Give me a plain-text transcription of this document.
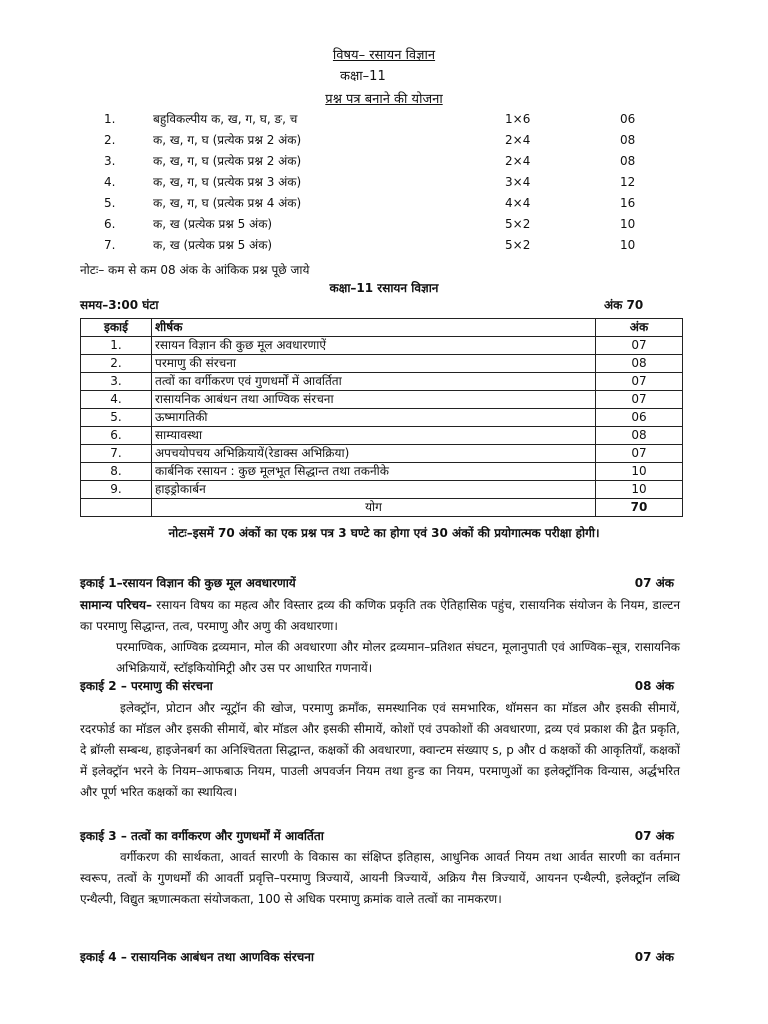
विषय– रसायन विज्ञान
कक्षा–11
प्रश्न पत्र बनाने की योजना
1.	बहुविकल्पीय क, ख, ग, घ, ङ, च	1×6	06
2.	क, ख, ग, घ (प्रत्येक प्रश्न 2 अंक)	2×4	08
3.	क, ख, ग, घ (प्रत्येक प्रश्न 2 अंक)	2×4	08
4.	क, ख, ग, घ (प्रत्येक प्रश्न 3 अंक)	3×4	12
5.	क, ख, ग, घ (प्रत्येक प्रश्न 4 अंक)	4×4	16
6.	क, ख (प्रत्येक प्रश्न 5 अंक)	5×2	10
7.	क, ख (प्रत्येक प्रश्न 5 अंक)	5×2	10
नोटः– कम से कम 08 अंक के आंकिक प्रश्न पूछे जाये
कक्षा–11 रसायन विज्ञान
समय–3:00 घंटा	अंक 70
इकाई	शीर्षक	अंक
1.	रसायन विज्ञान की कुछ मूल अवधारणाऐं	07
2.	परमाणु की संरचना	08
3.	तत्वों का वर्गीकरण एवं गुणधर्मों में आवर्तिता	07
4.	रासायनिक आबंधन तथा आण्विक संरचना	07
5.	ऊष्मागतिकी	06
6.	साम्यावस्था	08
7.	अपचयोपचय अभिक्रियायें(रेडाक्स अभिक्रिया)	07
8.	कार्बनिक रसायन : कुछ मूलभूत सिद्धान्त तथा तकनीके	10
9.	हाइड्रोकार्बन	10
	योग	70
नोटः–इसमें 70 अंकों का एक प्रश्न पत्र 3 घण्टे का होगा एवं 30 अंकों की प्रयोगात्मक परीक्षा होगी।
इकाई 1–रसायन विज्ञान की कुछ मूल अवधारणायें	07 अंक
सामान्य परिचय– रसायन विषय का महत्व और विस्तार द्रव्य की कणिक प्रकृति तक ऐतिहासिक पहुंच, रासायनिक संयोजन के नियम, डाल्टन का परमाणु सिद्धान्त, तत्व, परमाणु और अणु की अवधारणा।
परमाण्विक, आण्विक द्रव्यमान, मोल की अवधारणा और मोलर द्रव्यमान–प्रतिशत संघटन, मूलानुपाती एवं आण्विक–सूत्र, रासायनिक अभिक्रियायें, स्टॉइकियोमिट्री और उस पर आधारित गणनायें।
इकाई 2 – परमाणु की संरचना	08 अंक
इलेक्ट्रॉन, प्रोटान और न्यूट्रॉन की खोज, परमाणु क्रमाँक, समस्थानिक एवं समभारिक, थॉमसन का मॉडल और इसकी सीमायें, रदरफोर्ड का मॉडल और इसकी सीमायें, बोर मॉडल और इसकी सीमायें, कोशों एवं उपकोशों की अवधारणा, द्रव्य एवं प्रकाश की द्वैत प्रकृति, दे ब्रॉग्ली सम्बन्ध, हाइजेनबर्ग का अनिश्चितता सिद्धान्त, कक्षकों की अवधारणा, क्वान्टम संख्याए s, p और d कक्षकों की आकृतियाँ, कक्षकों में इलेक्ट्रॉन भरने के नियम–आफबाऊ नियम, पाउली अपवर्जन नियम तथा हुन्ड का नियम, परमाणुओं का इलेक्ट्रॉनिक विन्यास, अर्द्धभरित और पूर्ण भरित कक्षकों का स्थायित्व।
इकाई 3 – तत्वों का वर्गीकरण और गुणधर्मों में आवर्तिता	07 अंक
वर्गीकरण की सार्थकता, आवर्त सारणी के विकास का संक्षिप्त इतिहास, आधुनिक आवर्त नियम तथा आर्वत सारणी का वर्तमान स्वरूप, तत्वों के गुणधर्मों की आवर्ती प्रवृत्ति–परमाणु त्रिज्यायें, आयनी त्रिज्यायें, अक्रिय गैस त्रिज्यायें, आयनन एन्थैल्पी, इलेक्ट्रॉन लब्धि एन्थैल्पी, विद्युत ऋणात्मकता संयोजकता, 100 से अधिक परमाणु क्रमांक वाले तत्वों का नामकरण।
इकाई 4 – रासायनिक आबंधन तथा आणविक संरचना	07 अंक
